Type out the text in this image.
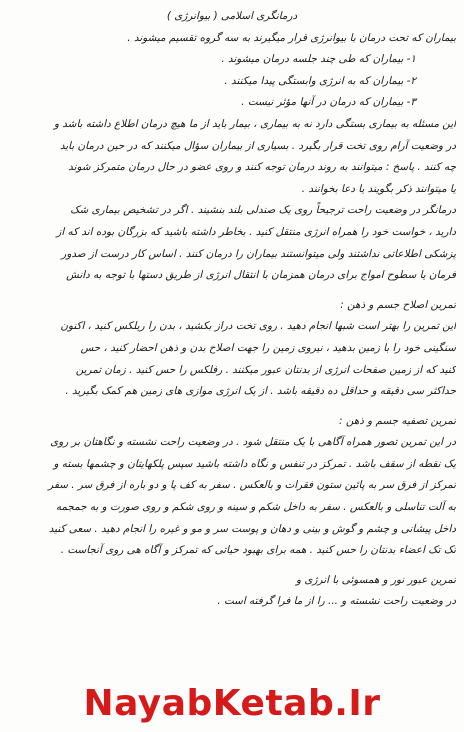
درمانگری اسلامی ( بیوانرژی )
بیماران که تحت درمان با بیوانرژی قرار میگیرند به سه گروه تقسیم میشوند .
۱- بیماران که طی چند جلسه درمان میشوند .
۲- بیماران که به انرژی وابستگی پیدا میکنند .
۳- بیماران که درمان در آنها مؤثر نیست .
این مسئله به بیماری بستگی دارد نه به بیماری ، بیمار باید از ما هیچ درمان اطلاع داشته باشد و
در وضعیت آرام روی تخت قرار بگیرد . بسیاری از بیماران سؤال میکنند که در حین درمان باید
چه کنند . پاسخ : میتوانند به روند درمان توجه کنند و روی عضو در حال درمان متمرکز شوند
یا میتوانند ذکر بگویند یا دعا بخوانند .
درمانگر در وضعیت راحت ترجیحاً روی یک صندلی بلند بنشیند . اگر در تشخیص بیماری شک
دارید ، خواست خود را همراه انرژی منتقل کنید . بخاطر داشته باشید که بزرگان بوده اند که از
پزشکی اطلاعاتی نداشتند ولی میتوانستند بیماران را درمان کنند . اساس کار درست از صدور
فرمان یا سطوح امواج برای درمان همزمان با انتقال انرژی از طریق دستها با توجه به دانش
تمرین اصلاح جسم و ذهن :
این تمرین را بهتر است شبها انجام دهید . روی تخت دراز بکشید ، بدن را ریلکس کنید ، اکنون
سنگینی خود را با زمین بدهید ، نیروی زمین را جهت اصلاح بدن و ذهن احضار کنید ، حس
کنید که از زمین صفحات انرژی از بدنتان عبور میکنند . رفلکس را حس کنید . زمان تمرین
حداکثر سی دقیقه و حداقل ده دقیقه باشد . از یک انرژی موازی های زمین هم کمک بگیرید .
تمرین تصفیه جسم و ذهن :
در این تمرین تصور همراه آگاهی با یک منتقل شود . در وضعیت راحت نشسته و نگاهتان بر روی
یک نقطه از سقف باشد . تمرکز در تنفس و نگاه داشته باشید سپس پلکهایتان و چشمها بسته و
تمرکز از فرق سر به پائین ستون فقرات و بالعکس . سفر به کف پا و دو باره از فرق سر . سفر
به آلت تناسلی و بالعکس . سفر به داخل شکم و سینه و روی شکم و روی صورت و به جمجمه
داخل پیشانی و چشم و گوش و بینی و دهان و پوست سر و مو و غیره را انجام دهید . سعی کنید
تک تک اعضاء بدنتان را حس کنید . همه برای بهبود حیاتی که تمرکز و آگاه هی روی آنجاست .
تمرین عبور نور و همسوئی با انرژی و
در وضعیت راحت نشسته و ... را از ما فرا گرفته است .
NayabKetab.Ir
